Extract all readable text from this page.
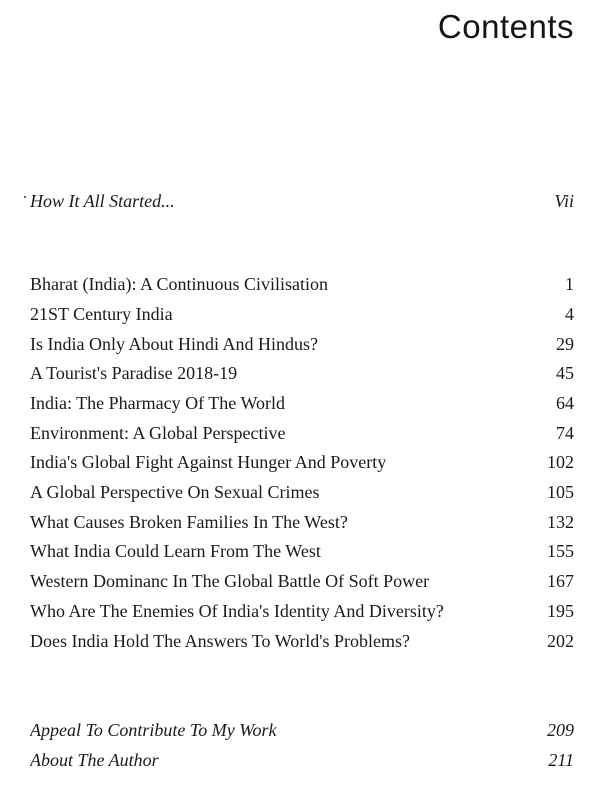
Contents
How It All Started...	Vii
Bharat (India): A Continuous Civilisation	1
21ST Century India	4
Is India Only About Hindi And Hindus?	29
A Tourist's Paradise 2018-19	45
India: The Pharmacy Of The World	64
Environment: A Global Perspective	74
India's Global Fight Against Hunger And Poverty	102
A Global Perspective On Sexual Crimes	105
What Causes Broken Families In The West?	132
What India Could Learn From The West	155
Western Dominanc In The Global Battle Of Soft Power	167
Who Are The Enemies Of India's Identity And Diversity?	195
Does India Hold The Answers To World's Problems?	202
Appeal To Contribute To My Work	209
About The Author	211
